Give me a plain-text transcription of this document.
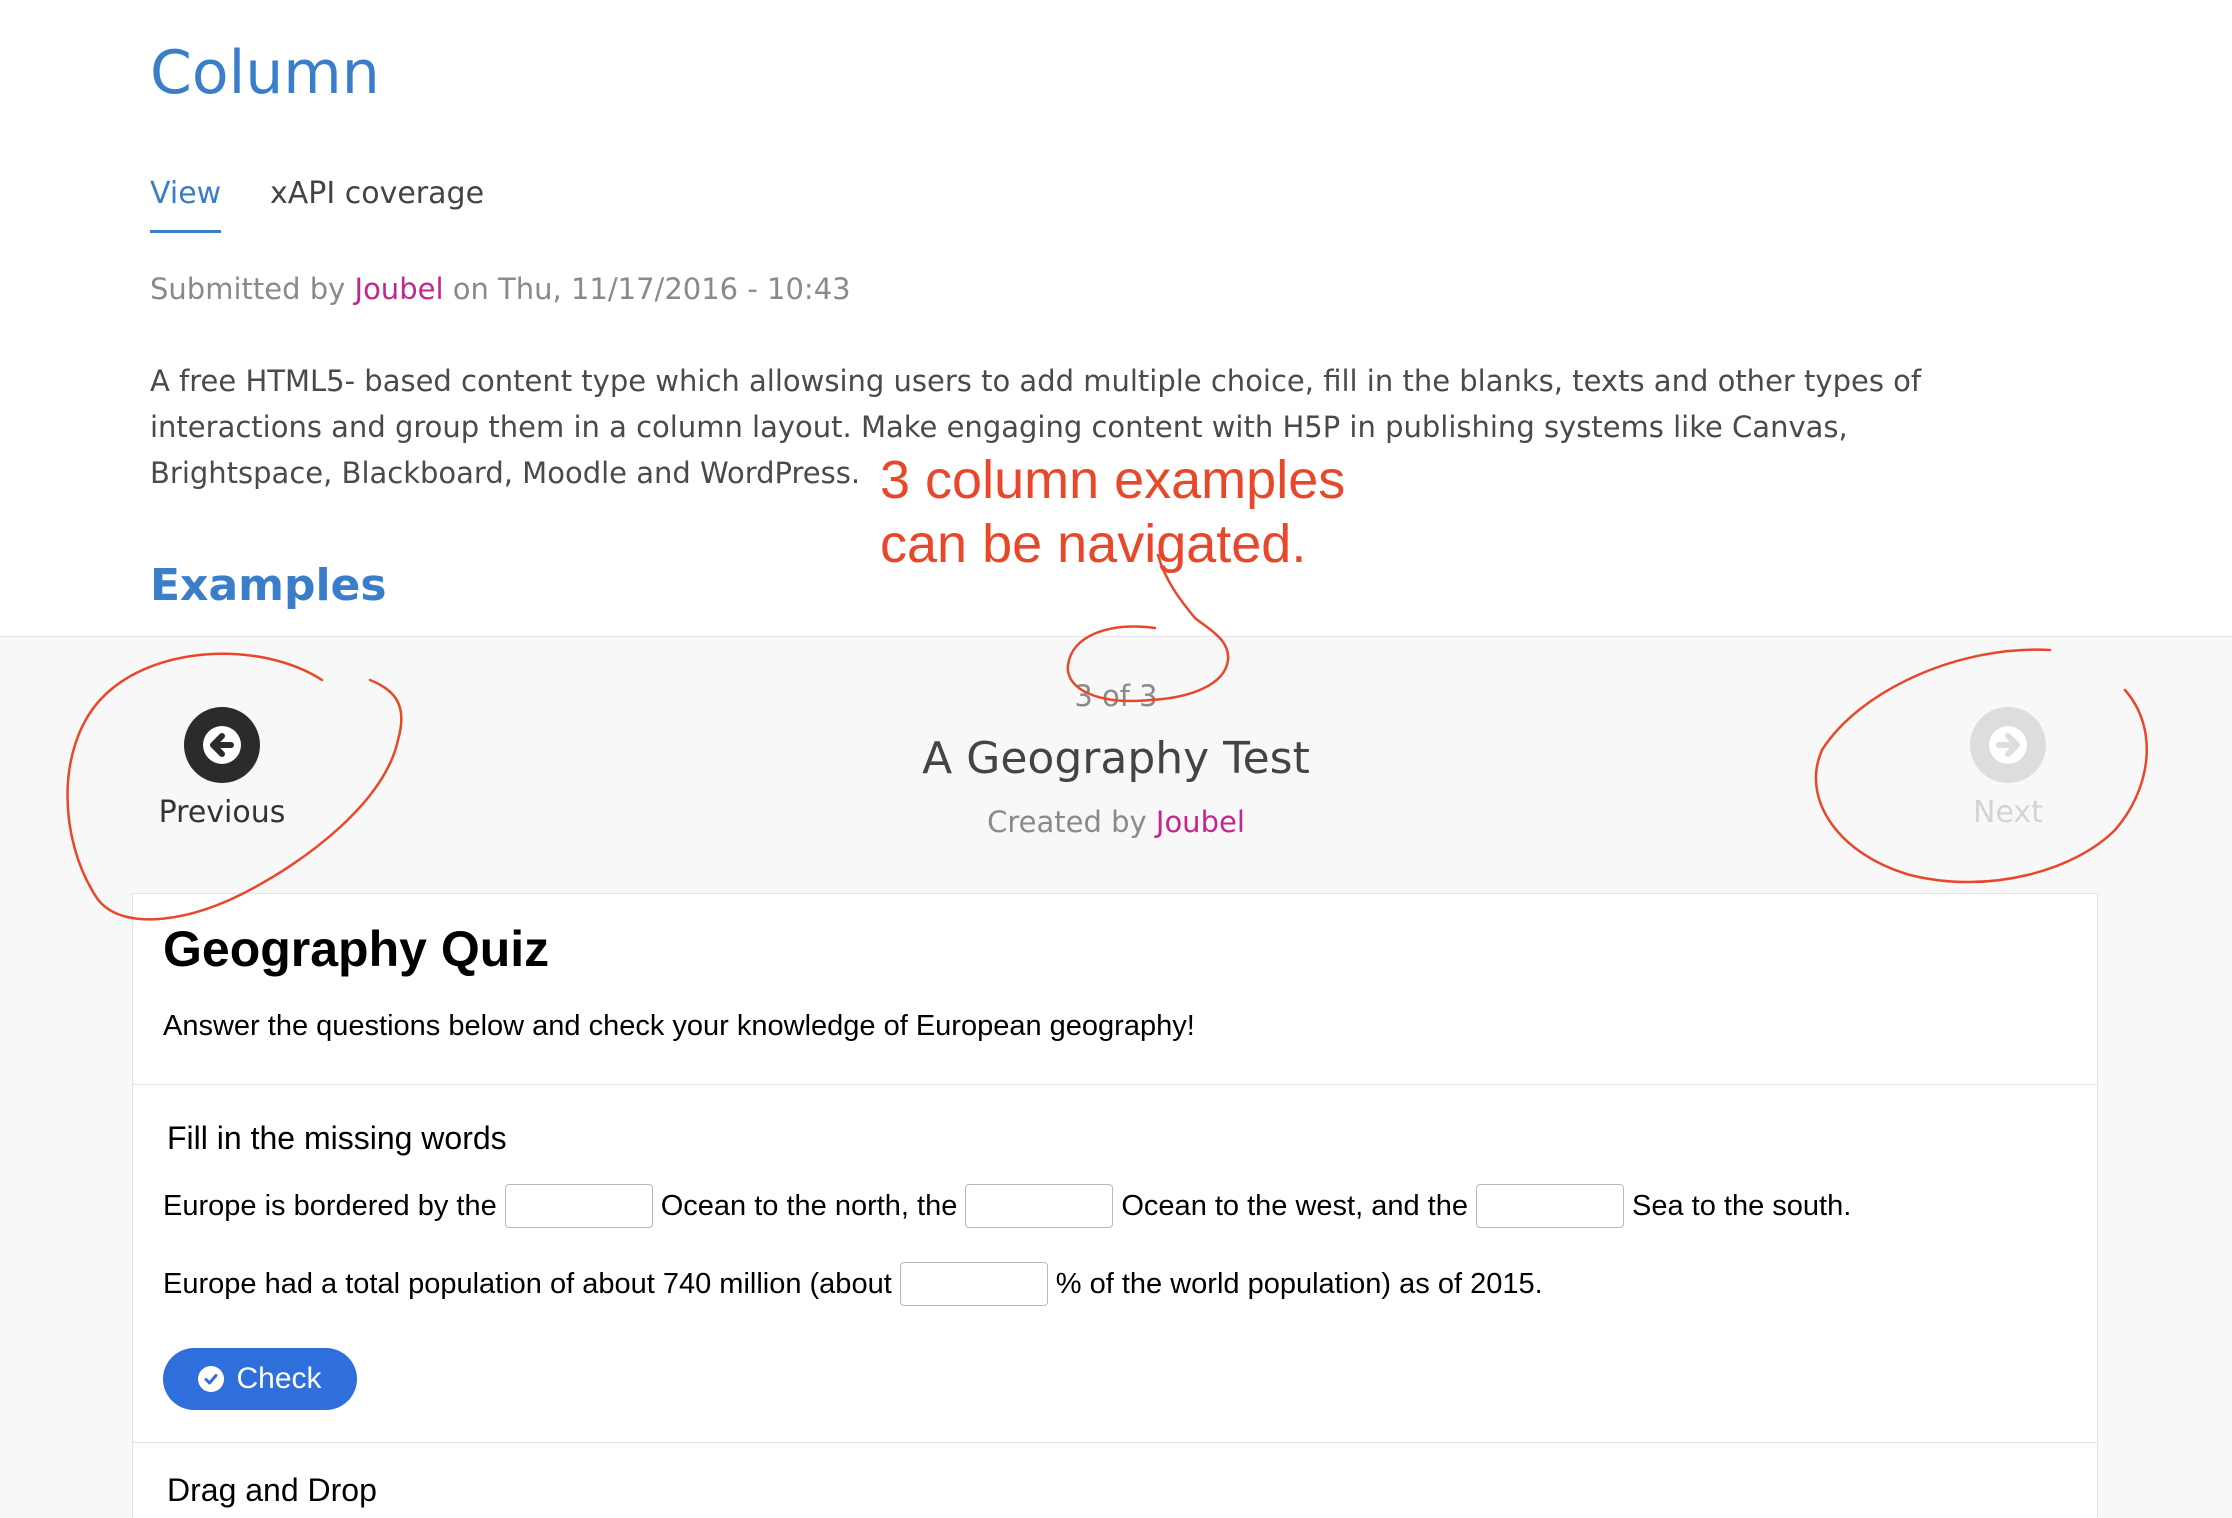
Column
View xAPI coverage
Submitted by Joubel on Thu, 11/17/2016 - 10:43

A free HTML5- based content type which allowsing users to add multiple choice, fill in the blanks, texts and other types of interactions and group them in a column layout. Make engaging content with H5P in publishing systems like Canvas, Brightspace, Blackboard, Moodle and WordPress.

Examples
3 of 3
A Geography Test
Created by Joubel
Previous	Next
Geography Quiz
Answer the questions below and check your knowledge of European geography!
Fill in the missing words
Europe is bordered by the	Ocean to the north, the	Ocean to the west, and the	Sea to the south.
Europe had a total population of about 740 million (about	% of the world population) as of 2015.
Check
Drag and Drop
3 column examples
can be navigated.
